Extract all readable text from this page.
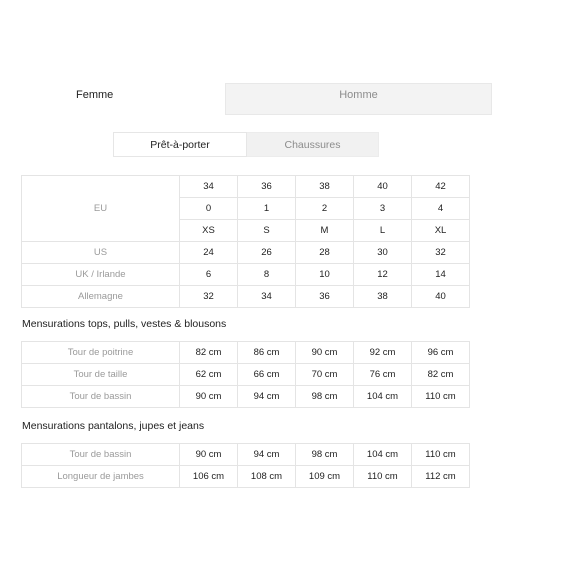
Femme	Homme
Prêt-à-porter	Chaussures
EU	34	36	38	40	42
	0	1	2	3	4
	XS	S	M	L	XL
US	24	26	28	30	32
UK / Irlande	6	8	10	12	14
Allemagne	32	34	36	38	40
Mensurations tops, pulls, vestes & blousons
Tour de poitrine	82 cm	86 cm	90 cm	92 cm	96 cm
Tour de taille	62 cm	66 cm	70 cm	76 cm	82 cm
Tour de bassin	90 cm	94 cm	98 cm	104 cm	110 cm
Mensurations pantalons, jupes et jeans
Tour de bassin	90 cm	94 cm	98 cm	104 cm	110 cm
Longueur de jambes	106 cm	108 cm	109 cm	110 cm	112 cm
